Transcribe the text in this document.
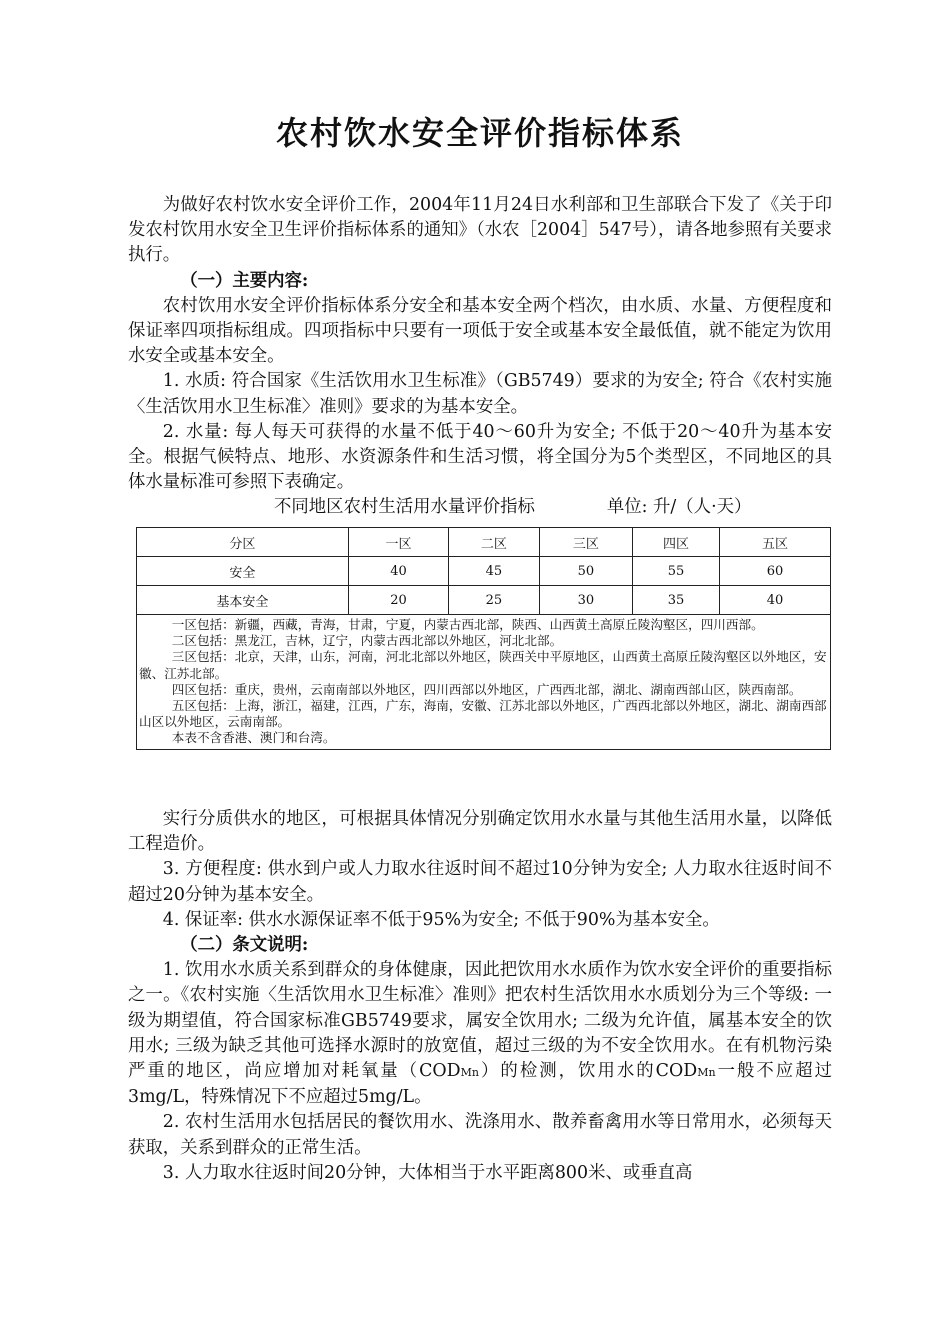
农村饮水安全评价指标体系

为做好农村饮水安全评价工作，2004年11月24日水利部和卫生部联合下发了《关于印发农村饮用水安全卫生评价指标体系的通知》（水农［2004］547号），请各地参照有关要求执行。

（一）主要内容:

农村饮用水安全评价指标体系分安全和基本安全两个档次，由水质、水量、方便程度和保证率四项指标组成。四项指标中只要有一项低于安全或基本安全最低值，就不能定为饮用水安全或基本安全。

1. 水质: 符合国家《生活饮用水卫生标准》（GB5749）要求的为安全; 符合《农村实施〈生活饮用水卫生标准〉准则》要求的为基本安全。

2. 水量: 每人每天可获得的水量不低于40～60升为安全; 不低于20～40升为基本安全。根据气候特点、地形、水资源条件和生活习惯，将全国分为5个类型区，不同地区的具体水量标准可参照下表确定。

不同地区农村生活用水量评价指标	单位: 升/（人·天）

分区	一区	二区	三区	四区	五区
安全	40	45	50	55	60
基本安全	20	25	30	35	40

一区包括：新疆，西藏，青海，甘肃，宁夏，内蒙古西北部，陕西、山西黄土高原丘陵沟壑区，四川西部。

二区包括：黑龙江，吉林，辽宁，内蒙古西北部以外地区，河北北部。

三区包括：北京，天津，山东，河南，河北北部以外地区，陕西关中平原地区，山西黄土高原丘陵沟壑区以外地区，安徽、江苏北部。

四区包括：重庆，贵州，云南南部以外地区，四川西部以外地区，广西西北部，湖北、湖南西部山区，陕西南部。

五区包括：上海，浙江，福建，江西，广东，海南，安徽、江苏北部以外地区，广西西北部以外地区，湖北、湖南西部山区以外地区，云南南部。

本表不含香港、澳门和台湾。

实行分质供水的地区，可根据具体情况分别确定饮用水水量与其他生活用水量，以降低工程造价。

3. 方便程度: 供水到户或人力取水往返时间不超过10分钟为安全; 人力取水往返时间不超过20分钟为基本安全。

4. 保证率: 供水水源保证率不低于95%为安全; 不低于90%为基本安全。

（二）条文说明:

1. 饮用水水质关系到群众的身体健康，因此把饮用水水质作为饮水安全评价的重要指标之一。《农村实施〈生活饮用水卫生标准〉准则》把农村生活饮用水水质划分为三个等级: 一级为期望值，符合国家标准GB5749要求，属安全饮用水; 二级为允许值，属基本安全的饮用水; 三级为缺乏其他可选择水源时的放宽值，超过三级的为不安全饮用水。在有机物污染严重的地区，尚应增加对耗氧量（CODMn）的检测，饮用水的CODMn一般不应超过3mg/L，特殊情况下不应超过5mg/L。

2. 农村生活用水包括居民的餐饮用水、洗涤用水、散养畜禽用水等日常用水，必须每天获取，关系到群众的正常生活。

3. 人力取水往返时间20分钟，大体相当于水平距离800米、或垂直高
